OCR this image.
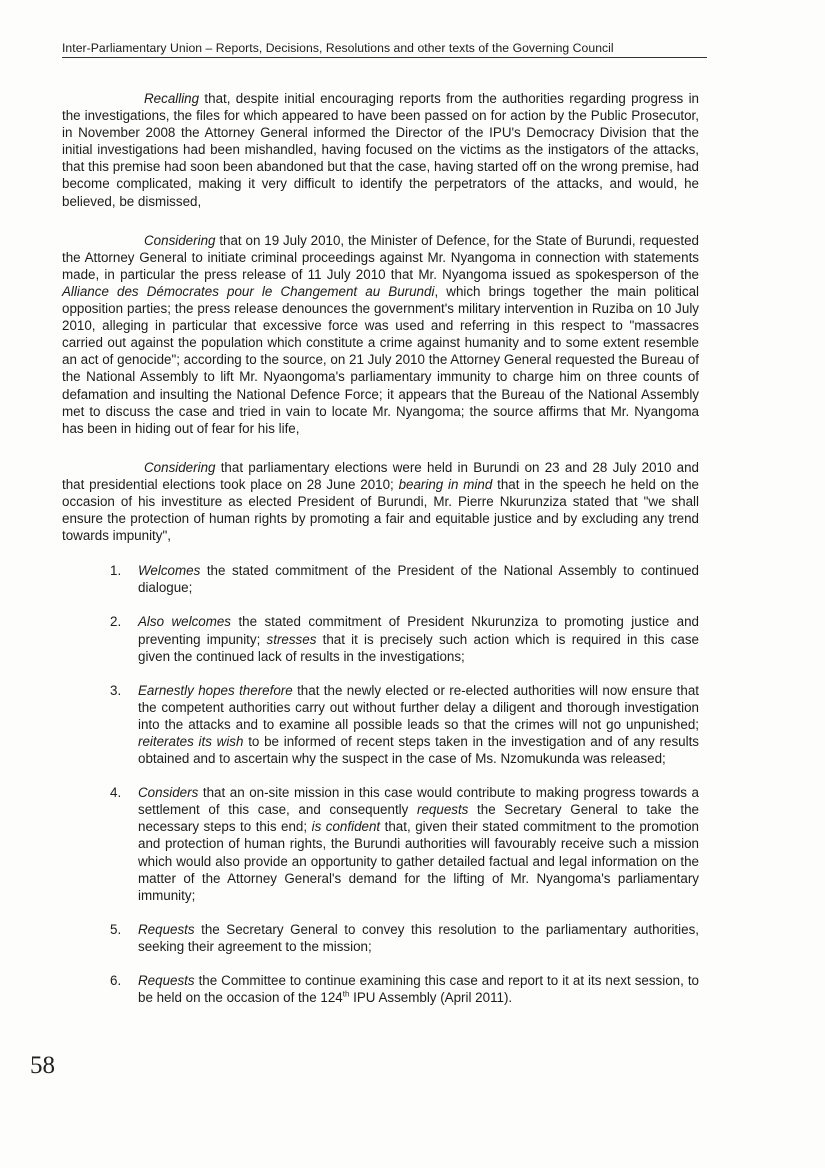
Inter-Parliamentary Union – Reports, Decisions, Resolutions and other texts of the Governing Council

Recalling that, despite initial encouraging reports from the authorities regarding progress in the investigations, the files for which appeared to have been passed on for action by the Public Prosecutor, in November 2008 the Attorney General informed the Director of the IPU's Democracy Division that the initial investigations had been mishandled, having focused on the victims as the instigators of the attacks, that this premise had soon been abandoned but that the case, having started off on the wrong premise, had become complicated, making it very difficult to identify the perpetrators of the attacks, and would, he believed, be dismissed,

Considering that on 19 July 2010, the Minister of Defence, for the State of Burundi, requested the Attorney General to initiate criminal proceedings against Mr. Nyangoma in connection with statements made, in particular the press release of 11 July 2010 that Mr. Nyangoma issued as spokesperson of the Alliance des Démocrates pour le Changement au Burundi, which brings together the main political opposition parties; the press release denounces the government's military intervention in Ruziba on 10 July 2010, alleging in particular that excessive force was used and referring in this respect to "massacres carried out against the population which constitute a crime against humanity and to some extent resemble an act of genocide"; according to the source, on 21 July 2010 the Attorney General requested the Bureau of the National Assembly to lift Mr. Nyaongoma's parliamentary immunity to charge him on three counts of defamation and insulting the National Defence Force; it appears that the Bureau of the National Assembly met to discuss the case and tried in vain to locate Mr. Nyangoma; the source affirms that Mr. Nyangoma has been in hiding out of fear for his life,

Considering that parliamentary elections were held in Burundi on 23 and 28 July 2010 and that presidential elections took place on 28 June 2010; bearing in mind that in the speech he held on the occasion of his investiture as elected President of Burundi, Mr. Pierre Nkurunziza stated that "we shall ensure the protection of human rights by promoting a fair and equitable justice and by excluding any trend towards impunity",

1.	Welcomes the stated commitment of the President of the National Assembly to continued dialogue;
2.	Also welcomes the stated commitment of President Nkurunziza to promoting justice and preventing impunity; stresses that it is precisely such action which is required in this case given the continued lack of results in the investigations;
3.	Earnestly hopes therefore that the newly elected or re-elected authorities will now ensure that the competent authorities carry out without further delay a diligent and thorough investigation into the attacks and to examine all possible leads so that the crimes will not go unpunished; reiterates its wish to be informed of recent steps taken in the investigation and of any results obtained and to ascertain why the suspect in the case of Ms. Nzomukunda was released;
4.	Considers that an on-site mission in this case would contribute to making progress towards a settlement of this case, and consequently requests the Secretary General to take the necessary steps to this end; is confident that, given their stated commitment to the promotion and protection of human rights, the Burundi authorities will favourably receive such a mission which would also provide an opportunity to gather detailed factual and legal information on the matter of the Attorney General's demand for the lifting of Mr. Nyangoma's parliamentary immunity;
5.	Requests the Secretary General to convey this resolution to the parliamentary authorities, seeking their agreement to the mission;
6.	Requests the Committee to continue examining this case and report to it at its next session, to be held on the occasion of the 124th IPU Assembly (April 2011).
58
